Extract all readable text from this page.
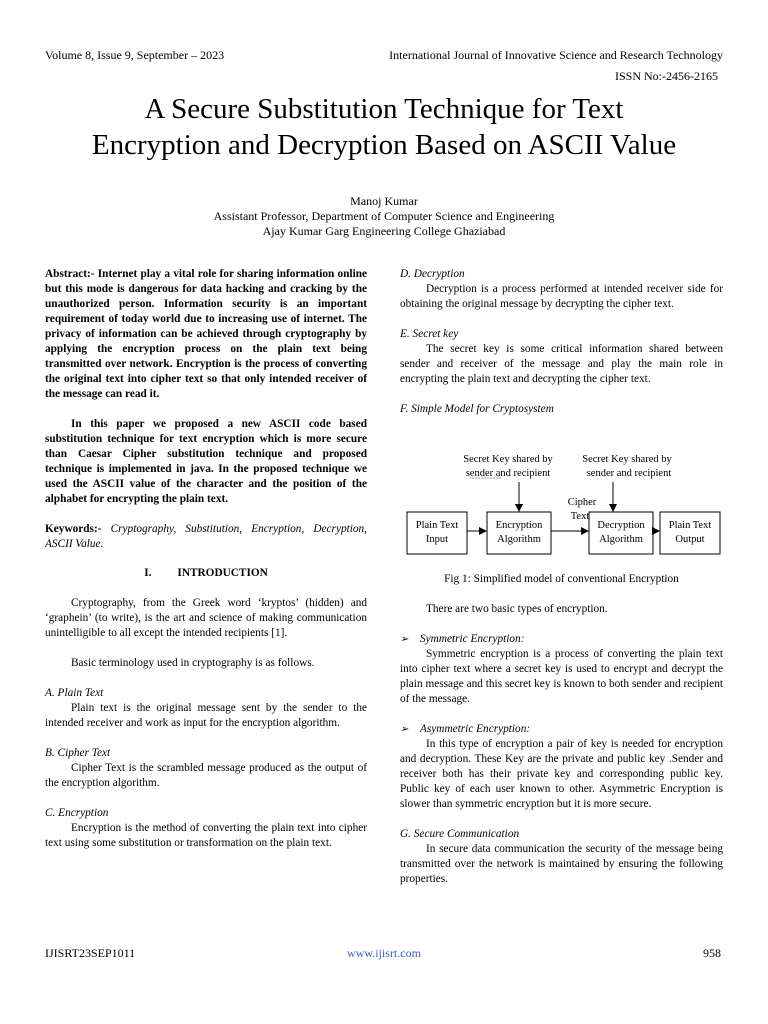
Volume 8, Issue 9, September – 2023	International Journal of Innovative Science and Research Technology
ISSN No:-2456-2165
A Secure Substitution Technique for Text
Encryption and Decryption Based on ASCII Value
Manoj Kumar
Assistant Professor, Department of Computer Science and Engineering
Ajay Kumar Garg Engineering College Ghaziabad

Abstract:- Internet play a vital role for sharing information online but this mode is dangerous for data hacking and cracking by the unauthorized person. Information security is an important requirement of today world due to increasing use of internet. The privacy of information can be achieved through cryptography by applying the encryption process on the plain text being transmitted over network. Encryption is the process of converting the original text into cipher text so that only intended receiver of the message can read it.

In this paper we proposed a new ASCII code based substitution technique for text encryption which is more secure than Caesar Cipher substitution technique and proposed technique is implemented in java. In the proposed technique we used the ASCII value of the character and the position of the alphabet for encrypting the plain text.

Keywords:- Cryptography, Substitution, Encryption, Decryption, ASCII Value.

I. INTRODUCTION

Cryptography, from the Greek word ‘kryptos’ (hidden) and ‘graphein’ (to write), is the art and science of making communication unintelligible to all except the intended recipients [1].

Basic terminology used in cryptography is as follows.

A. Plain Text

Plain text is the original message sent by the sender to the intended receiver and work as input for the encryption algorithm.

B. Cipher Text

Cipher Text is the scrambled message produced as the output of the encryption algorithm.

C. Encryption

Encryption is the method of converting the plain text into cipher text using some substitution or transformation on the plain text.

D. Decryption

Decryption is a process performed at intended receiver side for obtaining the original message by decrypting the cipher text.

E. Secret key

The secret key is some critical information shared between sender and receiver of the message and play the main role in encrypting the plain text and decrypting the cipher text.

F. Simple Model for Cryptosystem

Secret Key shared by
sender and recipient
Secret Key shared by
sender and recipient
Cipher
Text
Plain Text
Input
Encryption
Algorithm
Decryption
Algorithm
Plain Text
Output

Fig 1: Simplified model of conventional Encryption

There are two basic types of encryption.

➢	Symmetric Encryption:

Symmetric encryption is a process of converting the plain text into cipher text where a secret key is used to encrypt and decrypt the plain message and this secret key is known to both sender and recipient of the message.

➢	Asymmetric Encryption:

In this type of encryption a pair of key is needed for encryption and decryption. These Key are the private and public key .Sender and receiver both has their private key and corresponding public key. Public key of each user known to other. Asymmetric Encryption is slower than symmetric encryption but it is more secure.

G. Secure Communication

In secure data communication the security of the message being transmitted over the network is maintained by ensuring the following properties.

IJISRT23SEP1011	www.ijisrt.com	958
